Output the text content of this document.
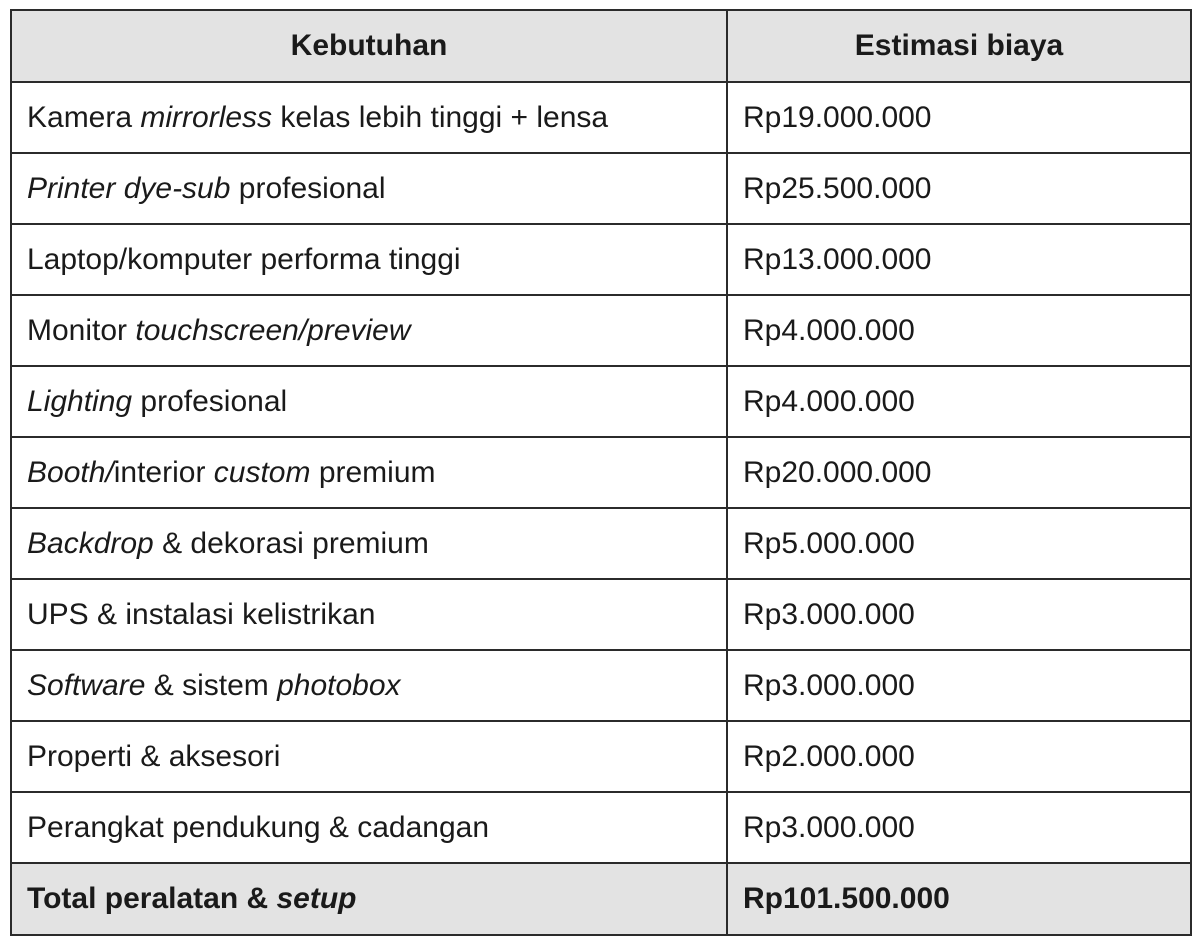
Kebutuhan	Estimasi biaya
Kamera mirrorless kelas lebih tinggi + lensa	Rp19.000.000
Printer dye-sub profesional	Rp25.500.000
Laptop/komputer performa tinggi	Rp13.000.000
Monitor touchscreen/preview	Rp4.000.000
Lighting profesional	Rp4.000.000
Booth/interior custom premium	Rp20.000.000
Backdrop & dekorasi premium	Rp5.000.000
UPS & instalasi kelistrikan	Rp3.000.000
Software & sistem photobox	Rp3.000.000
Properti & aksesori	Rp2.000.000
Perangkat pendukung & cadangan	Rp3.000.000
Total peralatan & setup	Rp101.500.000
